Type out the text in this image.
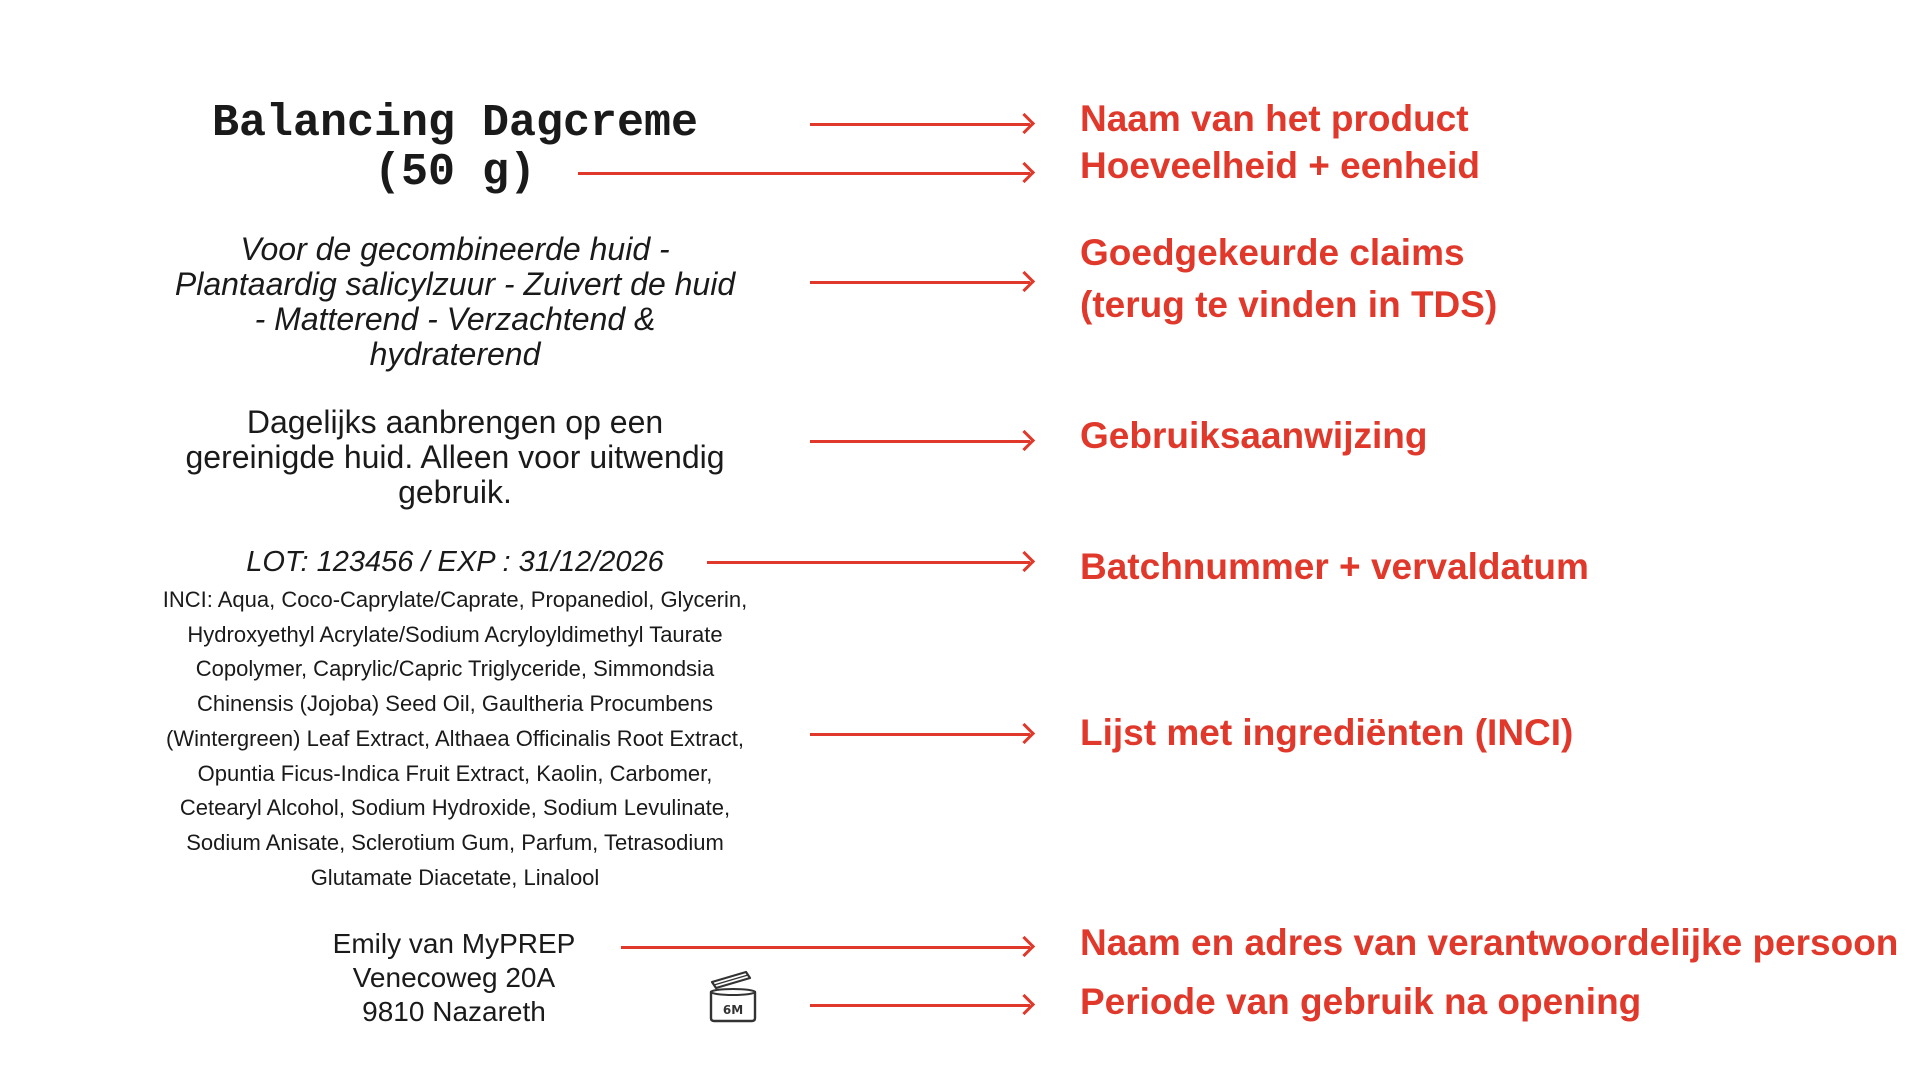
Balancing Dagcreme
(50 g)
Voor de gecombineerde huid -
Plantaardig salicylzuur - Zuivert de huid
- Matterend - Verzachtend &
hydraterend
Dagelijks aanbrengen op een
gereinigde huid. Alleen voor uitwendig
gebruik.
LOT: 123456 / EXP : 31/12/2026
INCI: Aqua, Coco-Caprylate/Caprate, Propanediol, Glycerin,
Hydroxyethyl Acrylate/Sodium Acryloyldimethyl Taurate
Copolymer, Caprylic/Capric Triglyceride, Simmondsia
Chinensis (Jojoba) Seed Oil, Gaultheria Procumbens
(Wintergreen) Leaf Extract, Althaea Officinalis Root Extract,
Opuntia Ficus-Indica Fruit Extract, Kaolin, Carbomer,
Cetearyl Alcohol, Sodium Hydroxide, Sodium Levulinate,
Sodium Anisate, Sclerotium Gum, Parfum, Tetrasodium
Glutamate Diacetate, Linalool
Emily van MyPREP
Venecoweg 20A
9810 Nazareth	6M
Naam van het product
Hoeveelheid + eenheid
Goedgekeurde claims
(terug te vinden in TDS)
Gebruiksaanwijzing
Batchnummer + vervaldatum
Lijst met ingrediënten (INCI)
Naam en adres van verantwoordelijke persoon
Periode van gebruik na opening
